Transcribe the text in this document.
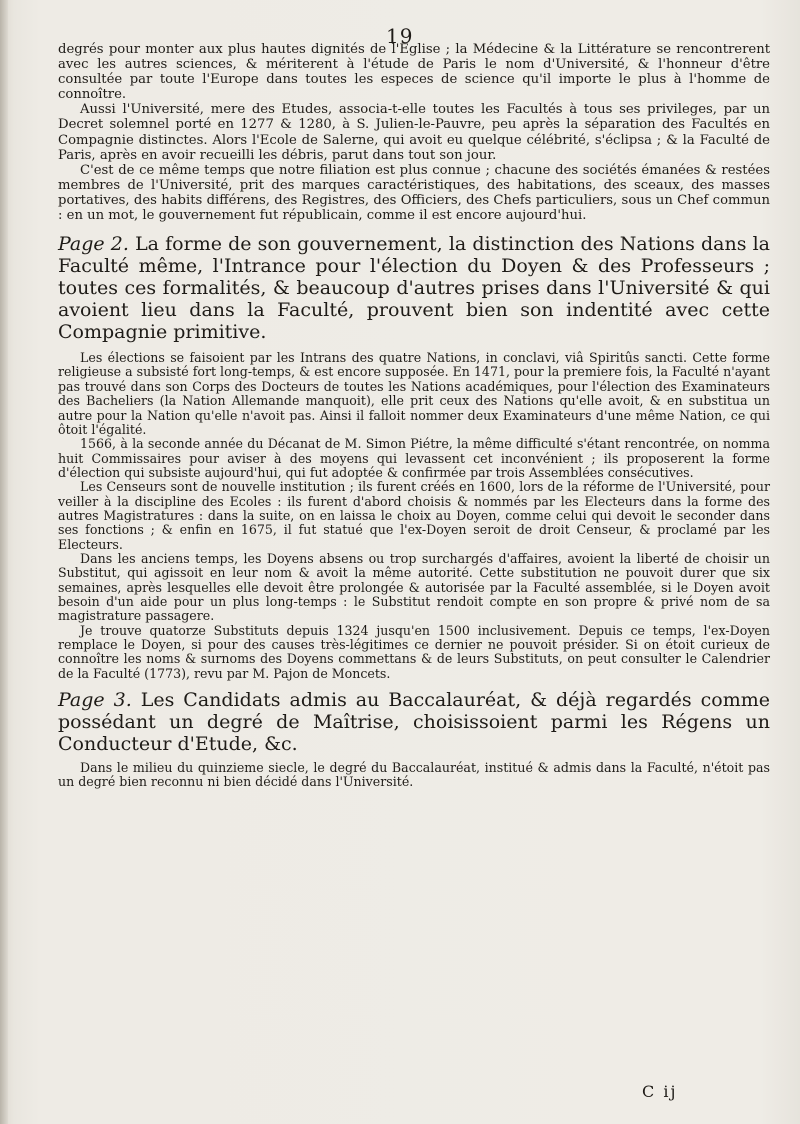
19

degrés pour monter aux plus hautes dignités de l'Eglise ; la Médecine & la Littérature se rencontrerent avec les autres sciences, & mériterent à l'étude de Paris le nom d'Université, & l'honneur d'être consultée par toute l'Europe dans toutes les especes de science qu'il importe le plus à l'homme de connoître.

Aussi l'Université, mere des Etudes, associa-t-elle toutes les Facultés à tous ses privileges, par un Decret solemnel porté en 1277 & 1280, à S. Julien-le-Pauvre, peu après la séparation des Facultés en Compagnie distinctes. Alors l'Ecole de Salerne, qui avoit eu quelque célébrité, s'éclipsa ; & la Faculté de Paris, après en avoir recueilli les débris, parut dans tout son jour.

C'est de ce même temps que notre filiation est plus connue ; chacune des sociétés émanées & restées membres de l'Université, prit des marques caractéristiques, des habitations, des sceaux, des masses portatives, des habits différens, des Registres, des Officiers, des Chefs particuliers, sous un Chef commun : en un mot, le gouvernement fut républicain, comme il est encore aujourd'hui.

Page 2. La forme de son gouvernement, la distinction des Nations dans la Faculté même, l'Intrance pour l'élection du Doyen & des Professeurs ; toutes ces formalités, & beaucoup d'autres prises dans l'Université & qui avoient lieu dans la Faculté, prouvent bien son indentité avec cette Compagnie primitive.

Les élections se faisoient par les Intrans des quatre Nations, in conclavi, viâ Spiritûs sancti. Cette forme religieuse a subsisté fort long-temps, & est encore supposée. En 1471, pour la premiere fois, la Faculté n'ayant pas trouvé dans son Corps des Docteurs de toutes les Nations académiques, pour l'élection des Examinateurs des Bacheliers (la Nation Allemande manquoit), elle prit ceux des Nations qu'elle avoit, & en substitua un autre pour la Nation qu'elle n'avoit pas. Ainsi il falloit nommer deux Examinateurs d'une même Nation, ce qui ôtoit l'égalité.

1566, à la seconde année du Décanat de M. Simon Piétre, la même difficulté s'étant rencontrée, on nomma huit Commissaires pour aviser à des moyens qui levassent cet inconvénient ; ils proposerent la forme d'élection qui subsiste aujourd'hui, qui fut adoptée & confirmée par trois Assemblées consécutives.

Les Censeurs sont de nouvelle institution ; ils furent créés en 1600, lors de la réforme de l'Université, pour veiller à la discipline des Ecoles : ils furent d'abord choisis & nommés par les Electeurs dans la forme des autres Magistratures : dans la suite, on en laissa le choix au Doyen, comme celui qui devoit le seconder dans ses fonctions ; & enfin en 1675, il fut statué que l'ex-Doyen seroit de droit Censeur, & proclamé par les Electeurs.

Dans les anciens temps, les Doyens absens ou trop surchargés d'affaires, avoient la liberté de choisir un Substitut, qui agissoit en leur nom & avoit la même autorité. Cette substitution ne pouvoit durer que six semaines, après lesquelles elle devoit être prolongée & autorisée par la Faculté assemblée, si le Doyen avoit besoin d'un aide pour un plus long-temps : le Substitut rendoit compte en son propre & privé nom de sa magistrature passagere.

Je trouve quatorze Substituts depuis 1324 jusqu'en 1500 inclusivement. Depuis ce temps, l'ex-Doyen remplace le Doyen, si pour des causes très-légitimes ce dernier ne pouvoit présider. Si on étoit curieux de connoître les noms & surnoms des Doyens commettans & de leurs Substituts, on peut consulter le Calendrier de la Faculté (1773), revu par M. Pajon de Moncets.

Page 3. Les Candidats admis au Baccalauréat, & déjà regardés comme possédant un degré de Maîtrise, choisissoient parmi les Régens un Conducteur d'Etude, &c.

Dans le milieu du quinzieme siecle, le degré du Baccalauréat, institué & admis dans la Faculté, n'étoit pas un degré bien reconnu ni bien décidé dans l'Université.

C ij
